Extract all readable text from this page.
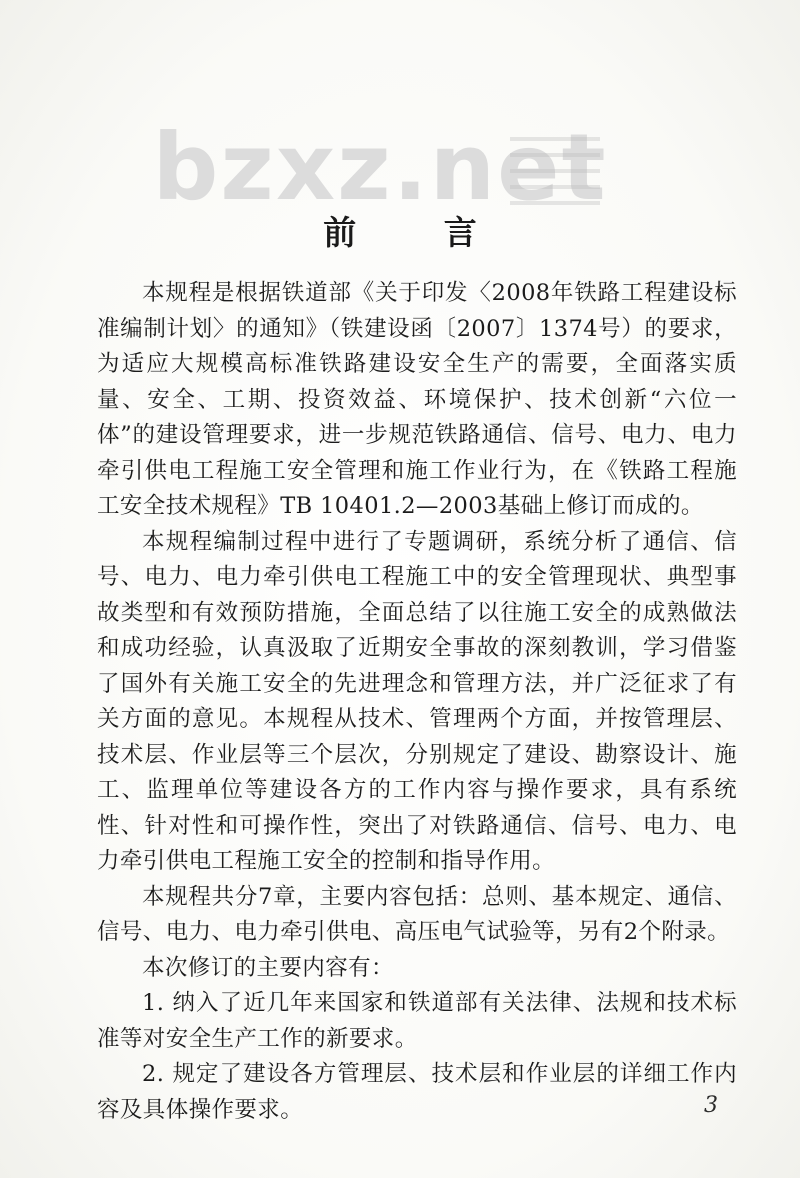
bzxz.net
前 言

本规程是根据铁道部《关于印发〈2008年铁路工程建设标准编制计划〉的通知》（铁建设函〔2007〕1374号）的要求，为适应大规模高标准铁路建设安全生产的需要，全面落实质量、安全、工期、投资效益、环境保护、技术创新“六位一体”的建设管理要求，进一步规范铁路通信、信号、电力、电力牵引供电工程施工安全管理和施工作业行为，在《铁路工程施工安全技术规程》TB 10401.2—2003基础上修订而成的。

本规程编制过程中进行了专题调研，系统分析了通信、信号、电力、电力牵引供电工程施工中的安全管理现状、典型事故类型和有效预防措施，全面总结了以往施工安全的成熟做法和成功经验，认真汲取了近期安全事故的深刻教训，学习借鉴了国外有关施工安全的先进理念和管理方法，并广泛征求了有关方面的意见。本规程从技术、管理两个方面，并按管理层、技术层、作业层等三个层次，分别规定了建设、勘察设计、施工、监理单位等建设各方的工作内容与操作要求，具有系统性、针对性和可操作性，突出了对铁路通信、信号、电力、电力牵引供电工程施工安全的控制和指导作用。

本规程共分7章，主要内容包括：总则、基本规定、通信、信号、电力、电力牵引供电、高压电气试验等，另有2个附录。

本次修订的主要内容有：

1. 纳入了近几年来国家和铁道部有关法律、法规和技术标准等对安全生产工作的新要求。

2. 规定了建设各方管理层、技术层和作业层的详细工作内容及具体操作要求。	3
